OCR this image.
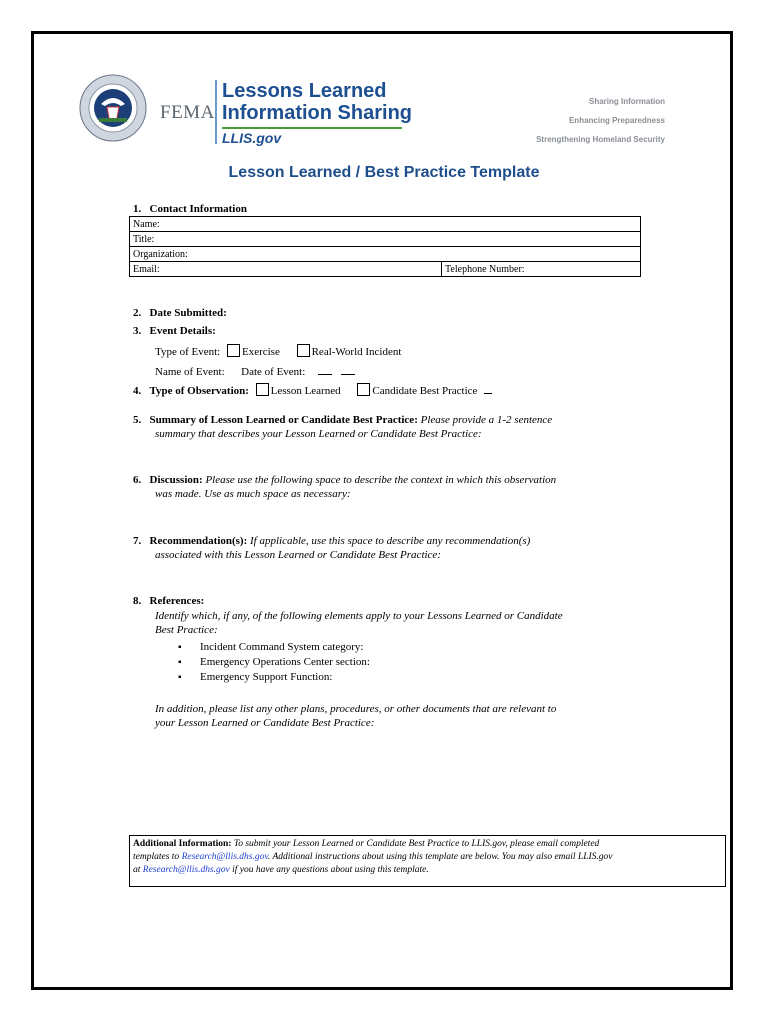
FEMA
Lessons Learned
Information Sharing
LLIS.gov
Sharing Information
Enhancing Preparedness
Strengthening Homeland Security
Lesson Learned / Best Practice Template
1. Contact Information
Name:
Title:
Organization:
Email:	Telephone Number:
2. Date Submitted:
3. Event Details:
Type of Event: Exercise	Real-World Incident
Name of Event: Date of Event:
4. Type of Observation: Lesson Learned	Candidate Best Practice
5. Summary of Lesson Learned or Candidate Best Practice: Please provide a 1-2 sentence
summary that describes your Lesson Learned or Candidate Best Practice:
6. Discussion: Please use the following space to describe the context in which this observation
was made. Use as much space as necessary:
7. Recommendation(s): If applicable, use this space to describe any recommendation(s)
associated with this Lesson Learned or Candidate Best Practice:
8. References:
Identify which, if any, of the following elements apply to your Lessons Learned or Candidate
Best Practice:
▪ Incident Command System category:
▪ Emergency Operations Center section:
▪ Emergency Support Function:
In addition, please list any other plans, procedures, or other documents that are relevant to
your Lesson Learned or Candidate Best Practice:
Additional Information: To submit your Lesson Learned or Candidate Best Practice to LLIS.gov, please email completed
templates to Research@llis.dhs.gov. Additional instructions about using this template are below. You may also email LLIS.gov
at Research@llis.dhs.gov if you have any questions about using this template.
